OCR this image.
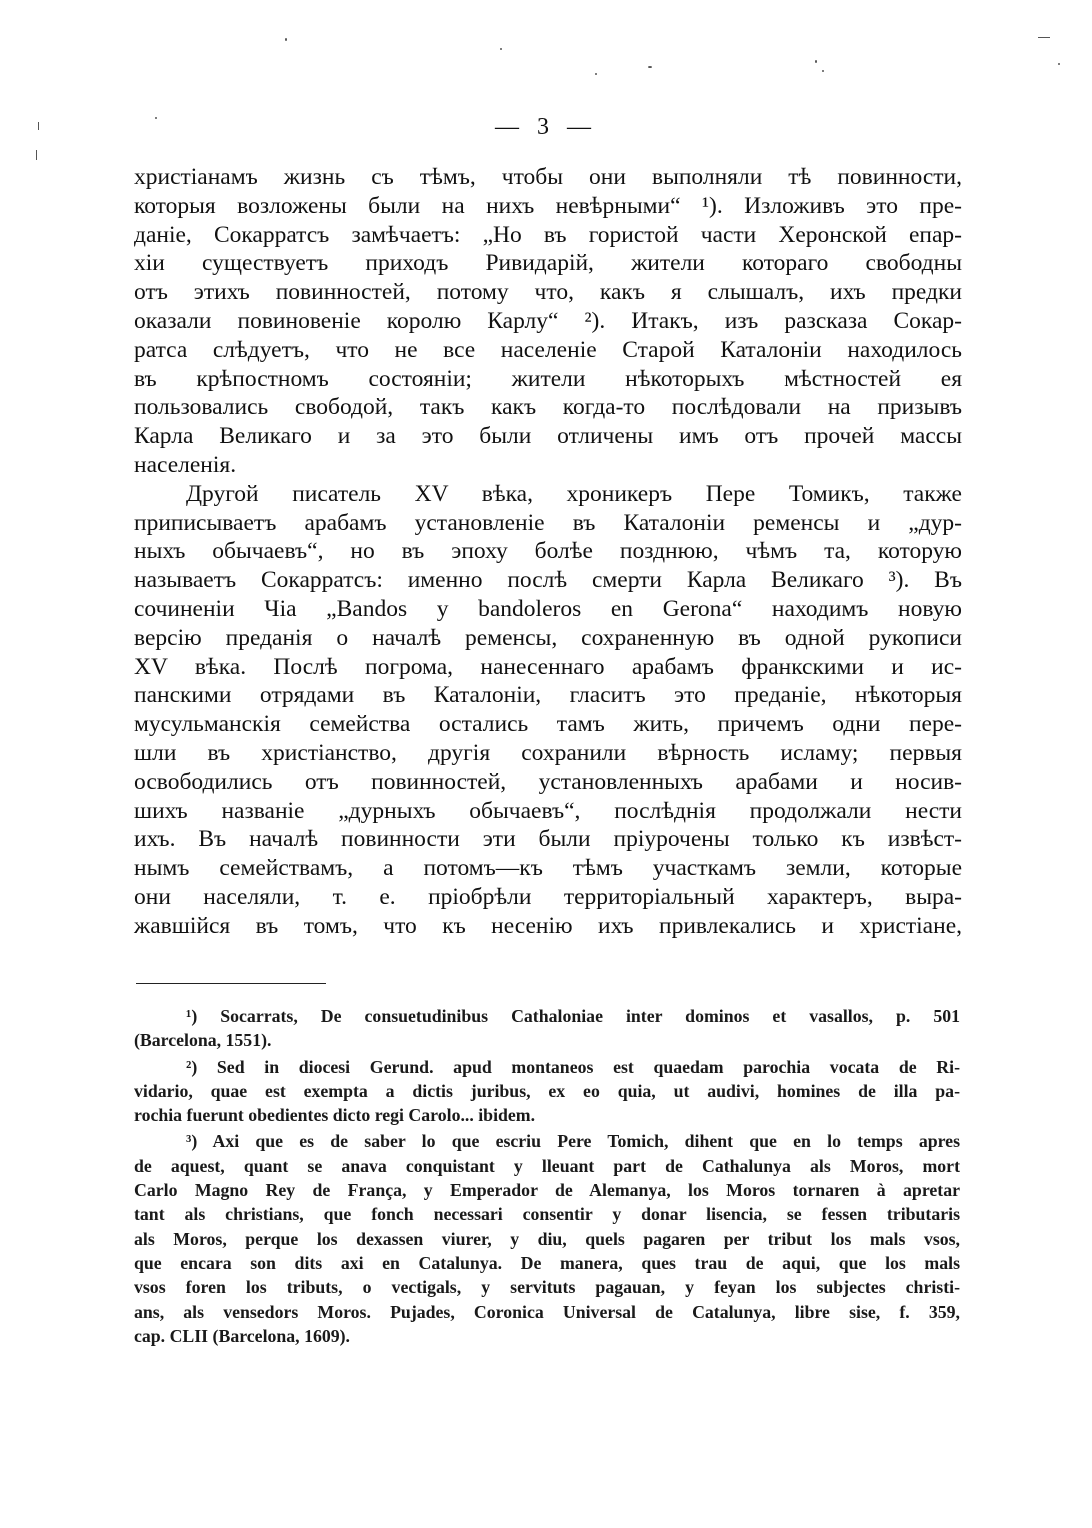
— 3 —
христіанамъ жизнь съ тѣмъ, чтобы они выполняли тѣ повинности,
которыя возложены были на нихъ невѣрными“ ¹). Изложивъ это пре-
даніе, Сокарратсъ замѣчаетъ: „Но въ гористой части Херонской епар-
хіи существуетъ приходъ Ривидарій, жители котораго свободны
отъ этихъ повинностей, потому что, какъ я слышалъ, ихъ предки
оказали повиновеніе королю Карлу“ ²). Итакъ, изъ разсказа Сокар-
ратса слѣдуетъ, что не все населеніе Старой Каталоніи находилось
въ крѣпостномъ состояніи; жители нѣкоторыхъ мѣстностей ея
пользовались свободой, такъ какъ когда-то послѣдовали на призывъ
Карла Великаго и за это были отличены имъ отъ прочей массы
населенія.
Другой писатель XV вѣка, хроникеръ Пере Томикъ, также
приписываетъ арабамъ установленіе въ Каталоніи ременсы и „дур-
ныхъ обычаевъ“, но въ эпоху болѣе позднюю, чѣмъ та, которую
называетъ Сокарратсъ: именно послѣ смерти Карла Великаго ³). Въ
сочиненіи Чіа „Bandos y bandoleros en Gerona“ находимъ новую
версію преданія о началѣ ременсы, сохраненную въ одной рукописи
XV вѣка. Послѣ погрома, нанесеннаго арабамъ франкскими и ис-
панскими отрядами въ Каталоніи, гласитъ это преданіе, нѣкоторыя
мусульманскія семейства остались тамъ жить, причемъ одни пере-
шли въ христіанство, другія сохранили вѣрность исламу; первыя
освободились отъ повинностей, установленныхъ арабами и носив-
шихъ названіе „дурныхъ обычаевъ“, послѣднія продолжали нести
ихъ. Въ началѣ повинности эти были пріурочены только къ извѣст-
нымъ семействамъ, а потомъ—къ тѣмъ участкамъ земли, которые
они населяли, т. е. пріобрѣли территоріальный характеръ, выра-
жавшійся въ томъ, что къ несенію ихъ привлекались и христіане,
¹) Socarrats, De consuetudinibus Cathaloniae inter dominos et vasallos, p. 501
(Barcelona, 1551).
²) Sed in diocesi Gerund. apud montaneos est quaedam parochia vocata de Ri-
vidario, quae est exempta a dictis juribus, ex eo quia, ut audivi, homines de illa pa-
rochia fuerunt obedientes dicto regi Carolo... ibidem.
³) Axi que es de saber lo que escriu Pere Tomich, dihent que en lo temps apres
de aquest, quant se anava conquistant y lleuant part de Cathalunya als Moros, mort
Carlo Magno Rey de França, y Emperador de Alemanya, los Moros tornaren à apretar
tant als christians, que fonch necessari consentir y donar lisencia, se fessen tributaris
als Moros, perque los dexassen viurer, y diu, quels pagaren per tribut los mals vsos,
que encara son dits axi en Catalunya. De manera, ques trau de aqui, que los mals
vsos foren los tributs, o vectigals, y servituts pagauan, y feyan los subjectes christi-
ans, als vensedors Moros. Pujades, Coronica Universal de Catalunya, libre sise, f. 359,
cap. CLII (Barcelona, 1609).
